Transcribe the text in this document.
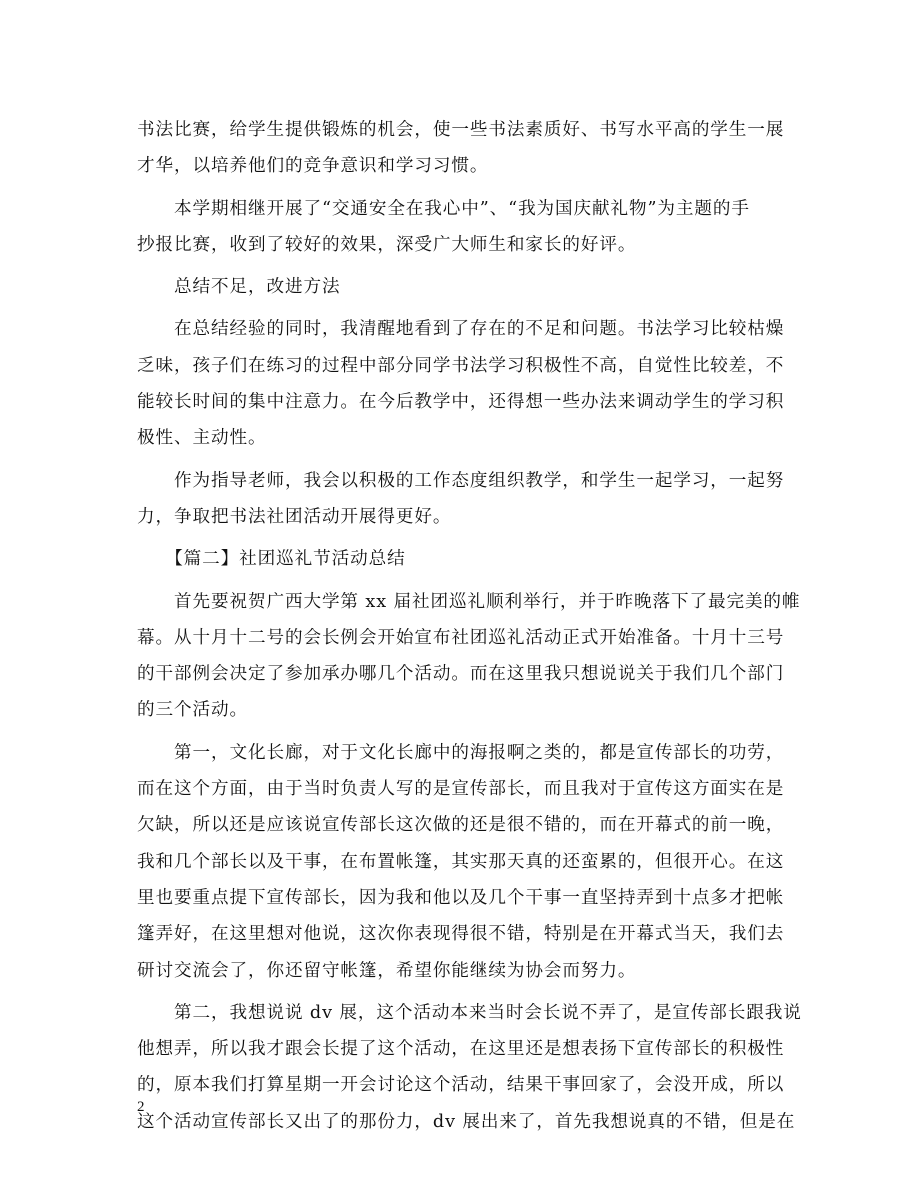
书法比赛，给学生提供锻炼的机会，使一些书法素质好、书写水平高的学生一展
才华，以培养他们的竞争意识和学习习惯。

　　本学期相继开展了“交通安全在我心中”、“我为国庆献礼物”为主题的手
抄报比赛，收到了较好的效果，深受广大师生和家长的好评。

　　总结不足，改进方法

　　在总结经验的同时，我清醒地看到了存在的不足和问题。书法学习比较枯燥
乏味，孩子们在练习的过程中部分同学书法学习积极性不高，自觉性比较差，不
能较长时间的集中注意力。在今后教学中，还得想一些办法来调动学生的学习积
极性、主动性。

　　作为指导老师，我会以积极的工作态度组织教学，和学生一起学习，一起努
力，争取把书法社团活动开展得更好。

　　【篇二】社团巡礼节活动总结

　　首先要祝贺广西大学第 xx 届社团巡礼顺利举行，并于昨晚落下了最完美的帷
幕。从十月十二号的会长例会开始宣布社团巡礼活动正式开始准备。十月十三号
的干部例会决定了参加承办哪几个活动。而在这里我只想说说关于我们几个部门
的三个活动。

　　第一，文化长廊，对于文化长廊中的海报啊之类的，都是宣传部长的功劳，
而在这个方面，由于当时负责人写的是宣传部长，而且我对于宣传这方面实在是
欠缺，所以还是应该说宣传部长这次做的还是很不错的，而在开幕式的前一晚，
我和几个部长以及干事，在布置帐篷，其实那天真的还蛮累的，但很开心。在这
里也要重点提下宣传部长，因为我和他以及几个干事一直坚持弄到十点多才把帐
篷弄好，在这里想对他说，这次你表现得很不错，特别是在开幕式当天，我们去
研讨交流会了，你还留守帐篷，希望你能继续为协会而努力。

　　第二，我想说说 dv 展，这个活动本来当时会长说不弄了，是宣传部长跟我说
他想弄，所以我才跟会长提了这个活动，在这里还是想表扬下宣传部长的积极性
的，原本我们打算星期一开会讨论这个活动，结果干事回家了，会没开成，所以
这个活动宣传部长又出了的那份力，dv 展出来了，首先我想说真的不错，但是在

2
